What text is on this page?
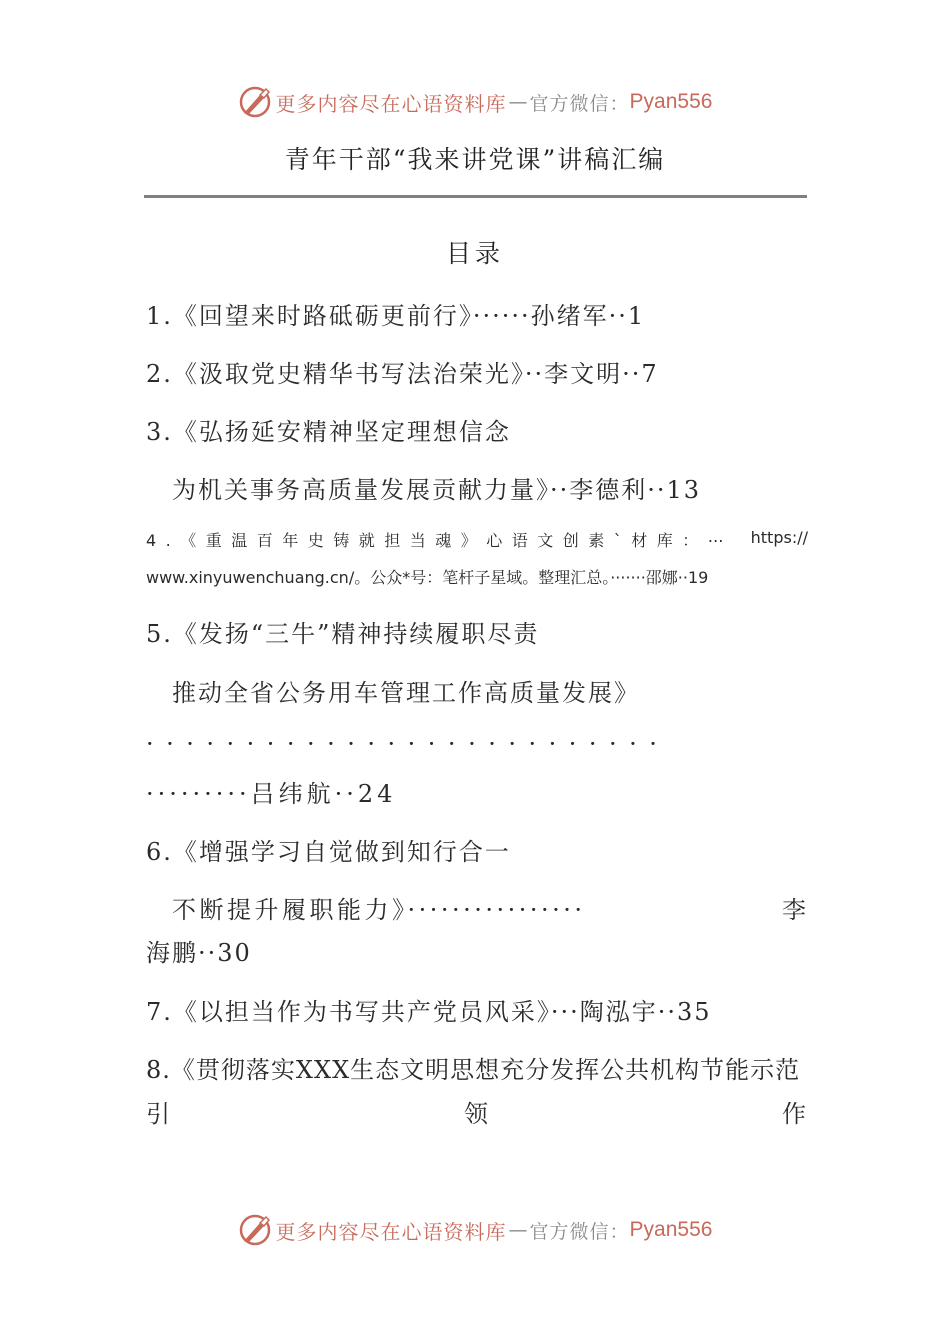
更多内容尽在心语资料库 — 官方微信： Pyan556
青年干部“我来讲党课”讲稿汇编
目录
1.《回望来时路砥砺更前行》······孙绪军··1
2.《汲取党史精华书写法治荣光》··李文明··7
3.《弘扬延安精神坚定理想信念
为机关事务高质量发展贡献力量》··李德利··13
4.《重温百年史铸就担当魂》心语文创素`材库：⋯ https://
www.xinyuwenchuang.cn/。公众*号：笔杆子星域。整理汇总。·······邵娜··19
5.《发扬“三牛”精神持续履职尽责
推动全省公务用车管理工作高质量发展》
··························
·········吕纬航··24
6.《增强学习自觉做到知行合一
不断提升履职能力》················	李
海鹏··30
7.《以担当作为书写共产党员风采》···陶泓宇··35
8.《贯彻落实XXX生态文明思想充分发挥公共机构节能示范
引	领	作
更多内容尽在心语资料库 — 官方微信： Pyan556
